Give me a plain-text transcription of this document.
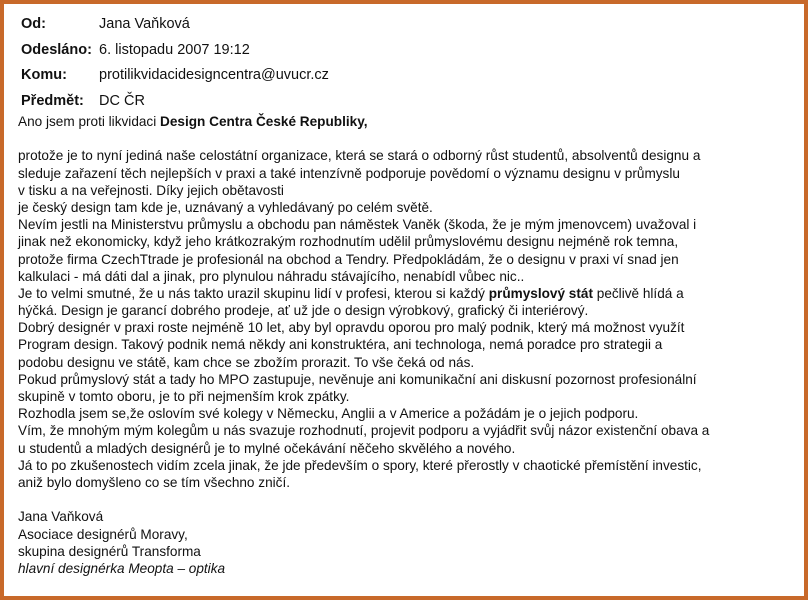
Od:	Jana Vaňková
Odesláno: 6. listopadu 2007 19:12
Komu: protilikvidacidesigncentra@uvucr.cz
Předmět: DC ČR
Ano jsem proti likvidaci Design Centra České Republiky,
protože je to nyní jediná naše celostátní organizace, která se stará o odborný růst studentů, absolventů designu a
sleduje zařazení těch nejlepších v praxi a také intenzívně podporuje povědomí o významu designu v průmyslu
v tisku a na veřejnosti. Díky jejich obětavosti
je český design tam kde je, uznávaný a vyhledávaný po celém světě.
Nevím jestli na Ministerstvu průmyslu a obchodu pan náměstek Vaněk (škoda, že je mým jmenovcem) uvažoval i
jinak než ekonomicky, když jeho krátkozrakým rozhodnutím udělil průmyslovému designu nejméně rok temna,
protože firma CzechTtrade je profesionál na obchod a Tendry. Předpokládám, že o designu v praxi ví snad jen
kalkulaci - má dáti dal a jinak, pro plynulou náhradu stávajícího, nenabídl vůbec nic..
Je to velmi smutné, že u nás takto urazil skupinu lidí v profesi, kterou si každý průmyslový stát pečlivě hlídá a
hýčká. Design je garancí dobrého prodeje, ať už jde o design výrobkový, grafický či interiérový.
Dobrý designér v praxi roste nejméně 10 let, aby byl opravdu oporou pro malý podnik, který má možnost využít
Program design. Takový podnik nemá někdy ani konstruktéra, ani technologa, nemá poradce pro strategii a
podobu designu ve státě, kam chce se zbožím prorazit. To vše čeká od nás.
Pokud průmyslový stát a tady ho MPO zastupuje, nevěnuje ani komunikační ani diskusní pozornost profesionální
skupině v tomto oboru, je to při nejmenším krok zpátky.
Rozhodla jsem se,že oslovím své kolegy v Německu, Anglii a v Americe a požádám je o jejich podporu.
Vím, že mnohým mým kolegům u nás svazuje rozhodnutí, projevit podporu a vyjádřit svůj názor existenční obava a
u studentů a mladých designérů je to mylné očekávání něčeho skvělého a nového.
Já to po zkušenostech vidím zcela jinak, že jde především o spory, které přerostly v chaotické přemístění investic,
aniž bylo domyšleno co se tím všechno zničí.
Jana Vaňková
Asociace designérů Moravy,
skupina designérů Transforma
hlavní designérka Meopta – optika
